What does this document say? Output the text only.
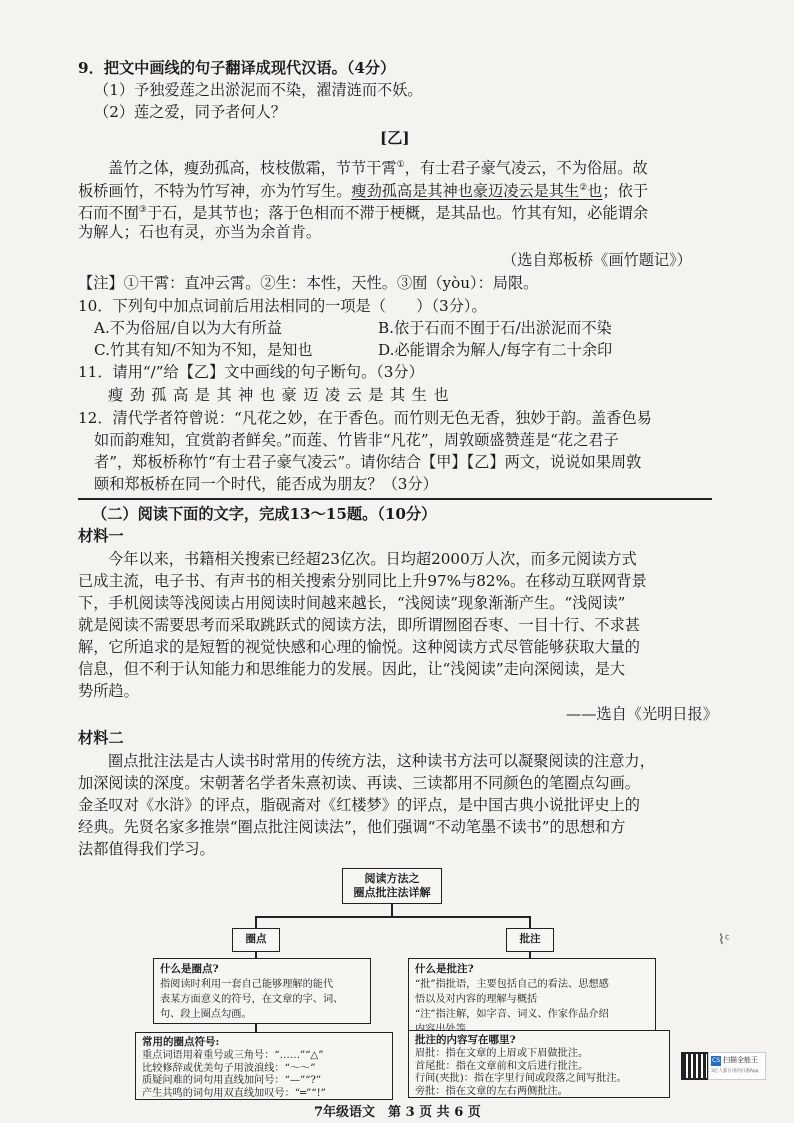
9．把文中画线的句子翻译成现代汉语。（4分）
（1）予独爱莲之出淤泥而不染，濯清涟而不妖。
（2）莲之爱，同予者何人？
[乙]
盖竹之体，瘦劲孤高，枝枝傲霜，节节干霄①，有士君子豪气凌云，不为俗屈。故
板桥画竹，不特为竹写神，亦为竹写生。瘦劲孤高是其神也豪迈凌云是其生②也；依于
石而不囿③于石，是其节也；落于色相而不滞于梗概，是其品也。竹其有知，必能谓余
为解人；石也有灵，亦当为余首肯。
（选自郑板桥《画竹题记》）
【注】①干霄：直冲云霄。②生：本性，天性。③囿（yòu）：局限。
10．下列句中加点词前后用法相同的一项是（　　）（3分）。
A.不为俗屈/自以为大有所益	B.依于石而不囿于石/出淤泥而不染
C.竹其有知/不知为不知，是知也	D.必能谓余为解人/每字有二十余印
11．请用“/”给【乙】文中画线的句子断句。（3分）
瘦劲孤高是其神也豪迈凌云是其生也
12．清代学者符曾说：“凡花之妙，在于香色。而竹则无色无香，独妙于韵。盖香色易
如而韵难知，宜赏韵者鲜矣。”而莲、竹皆非“凡花”，周敦颐盛赞莲是“花之君子
者”，郑板桥称竹“有士君子豪气凌云”。请你结合【甲】【乙】两文，说说如果周敦
颐和郑板桥在同一个时代，能否成为朋友？（3分）
（二）阅读下面的文字，完成13～15题。（10分）
材料一
今年以来，书籍相关搜索已经超23亿次。日均超2000万人次，而多元阅读方式
已成主流，电子书、有声书的相关搜索分别同比上升97%与82%。在移动互联网背景
下，手机阅读等浅阅读占用阅读时间越来越长，“浅阅读”现象渐渐产生。“浅阅读”
就是阅读不需要思考而采取跳跃式的阅读方法，即所谓囫囵吞枣、一目十行、不求甚
解，它所追求的是短暂的视觉快感和心理的愉悦。这种阅读方式尽管能够获取大量的
信息，但不利于认知能力和思维能力的发展。因此，让“浅阅读”走向深阅读，是大
势所趋。
——选自《光明日报》
材料二
圈点批注法是古人读书时常用的传统方法，这种读书方法可以凝聚阅读的注意力，
加深阅读的深度。宋朝著名学者朱熹初读、再读、三读都用不同颜色的笔圈点勾画。
金圣叹对《水浒》的评点，脂砚斋对《红楼梦》的评点，是中国古典小说批评史上的
经典。先贤名家多推崇“圈点批注阅读法”，他们强调“不动笔墨不读书”的思想和方
法都值得我们学习。
阅读方法之
圈点批注法详解
圈点	批注
什么是圈点?
指阅读时利用一套自己能够理解的能代
表某方面意义的符号，在文章的字、词、
句、段上圈点勾画。
什么是批注?
“批”指批语，主要包括自己的看法、思想感
悟以及对内容的理解与概括
“注”指注解，如字音、词义、作家作品介绍
常用的圈点符号:
重点词语用着重号或三角号：“……”“△”
比较修辞或优美句子用波浪线：“～～”
质疑问难的词句用直线加问号：“—”“?”
产生共鸣的词句用双直线加叹号：“═”“!”
批注的内容写在哪里?
眉批：指在文章的上眉或下眉做批注。
首尾批：指在文章前和文后进行批注。
行间(夹批)：指在字里行间或段落之间写批注。
旁批：指在文章的左右两侧批注。
⌇ᶜ
7年级语文　第 3 页 共 6 页
CS 扫描全能王
3亿人都在用的扫描App
